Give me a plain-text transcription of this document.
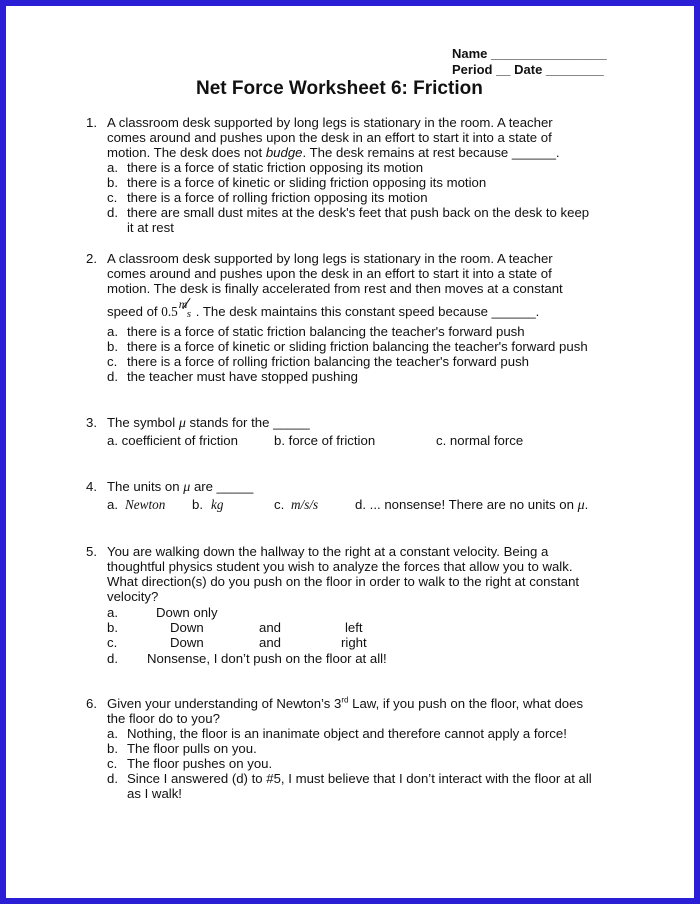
Name ________________
Period __ Date ________
Net Force Worksheet 6: Friction
1. A classroom desk supported by long legs is stationary in the room. A teacher
comes around and pushes upon the desk in an effort to start it into a state of
motion. The desk does not budge. The desk remains at rest because ______.
a. there is a force of static friction opposing its motion
b. there is a force of kinetic or sliding friction opposing its motion
c. there is a force of rolling friction opposing its motion
d. there are small dust mites at the desk's feet that push back on the desk to keep
it at rest
2. A classroom desk supported by long legs is stationary in the room. A teacher
comes around and pushes upon the desk in an effort to start it into a state of
motion. The desk is finally accelerated from rest and then moves at a constant
speed of 0.5 m
s . The desk maintains this constant speed because ______.
a. there is a force of static friction balancing the teacher's forward push
b. there is a force of kinetic or sliding friction balancing the teacher's forward push
c. there is a force of rolling friction balancing the teacher's forward push
d. the teacher must have stopped pushing
3. The symbol μ stands for the _____
a. coefficient of friction	b. force of friction	c. normal force
4. The units on μ are _____
a. Newton b. kg	c. m/s/s	d. ... nonsense! There are no units on μ.
5. You are walking down the hallway to the right at a constant velocity. Being a
thoughtful physics student you wish to analyze the forces that allow you to walk.
What direction(s) do you push on the floor in order to walk to the right at constant
velocity?
a.	Down only
b.	Down	and	left
c.	Down	and	right
d. Nonsense, I don’t push on the floor at all!
6. Given your understanding of Newton’s 3rd Law, if you push on the floor, what does
the floor do to you?
a. Nothing, the floor is an inanimate object and therefore cannot apply a force!
b. The floor pulls on you.
c. The floor pushes on you.
d. Since I answered (d) to #5, I must believe that I don’t interact with the floor at all
as I walk!
